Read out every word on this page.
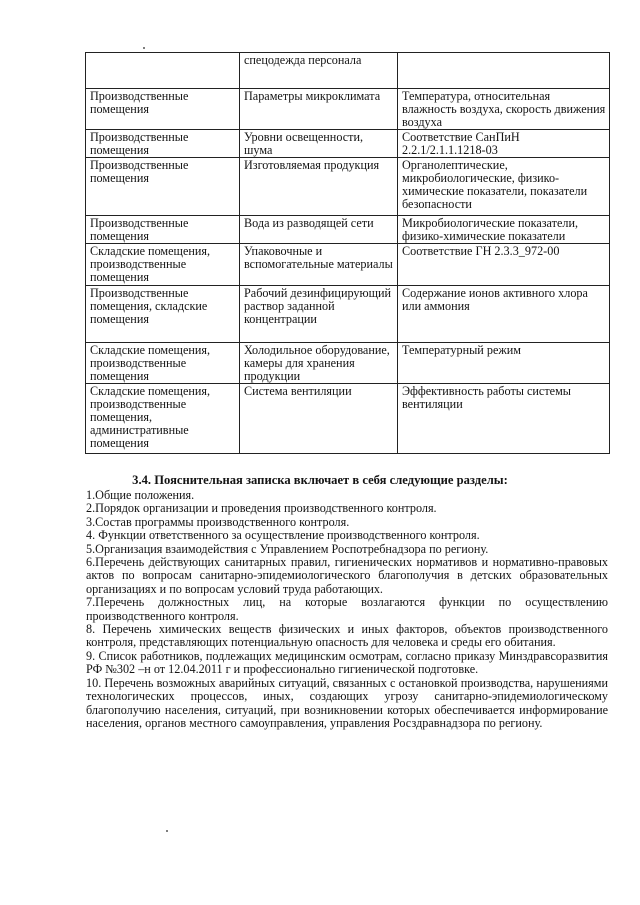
	спецодежда персонала	
Производственные помещения	Параметры микроклимата	Температура, относительная влажность воздуха, скорость движения воздуха
Производственные помещения	Уровни освещенности, шума	Соответствие СанПиН 2.2.1/2.1.1.1218-03
Производственные помещения	Изготовляемая продукция	Органолептические, микробиологические, физико-химические показатели, показатели безопасности
Производственные помещения	Вода из разводящей сети	Микробиологические показатели, физико-химические показатели
Складские помещения, производственные помещения	Упаковочные и вспомогательные материалы	Соответствие ГН 2.3.3_972-00
Производственные помещения, складские помещения	Рабочий дезинфицирующий раствор заданной концентрации	Содержание ионов активного хлора или аммония
Складские помещения, производственные помещения	Холодильное оборудование, камеры для хранения продукции	Температурный режим
Складские помещения, производственные помещения, административные помещения	Система вентиляции	Эффективность работы системы вентиляции
3.4. Пояснительная записка включает в себя следующие разделы:

1.Общие положения.

2.Порядок организации и проведения производственного контроля.

3.Состав программы производственного контроля.

4. Функции ответственного за осуществление производственного контроля.

5.Организация взаимодействия с Управлением Роспотребнадзора по региону.

6.Перечень действующих санитарных правил, гигиенических нормативов и нормативно-правовых актов по вопросам санитарно-эпидемиологического благополучия в детских образовательных организациях и по вопросам условий труда работающих.

7.Перечень должностных лиц, на которые возлагаются функции по осуществлению производственного контроля.

8. Перечень химических веществ физических и иных факторов, объектов производственного контроля, представляющих потенциальную опасность для человека и среды его обитания.

9. Список работников, подлежащих медицинским осмотрам, согласно приказу Минздравсоразвития РФ №302 –н от 12.04.2011 г и профессионально гигиенической подготовке.

10. Перечень возможных аварийных ситуаций, связанных с остановкой производства, нарушениями технологических процессов, иных, создающих угрозу санитарно-эпидемиологическому благополучию населения, ситуаций, при возникновении которых обеспечивается информирование населения, органов местного самоуправления, управления Росздравнадзора по региону.
